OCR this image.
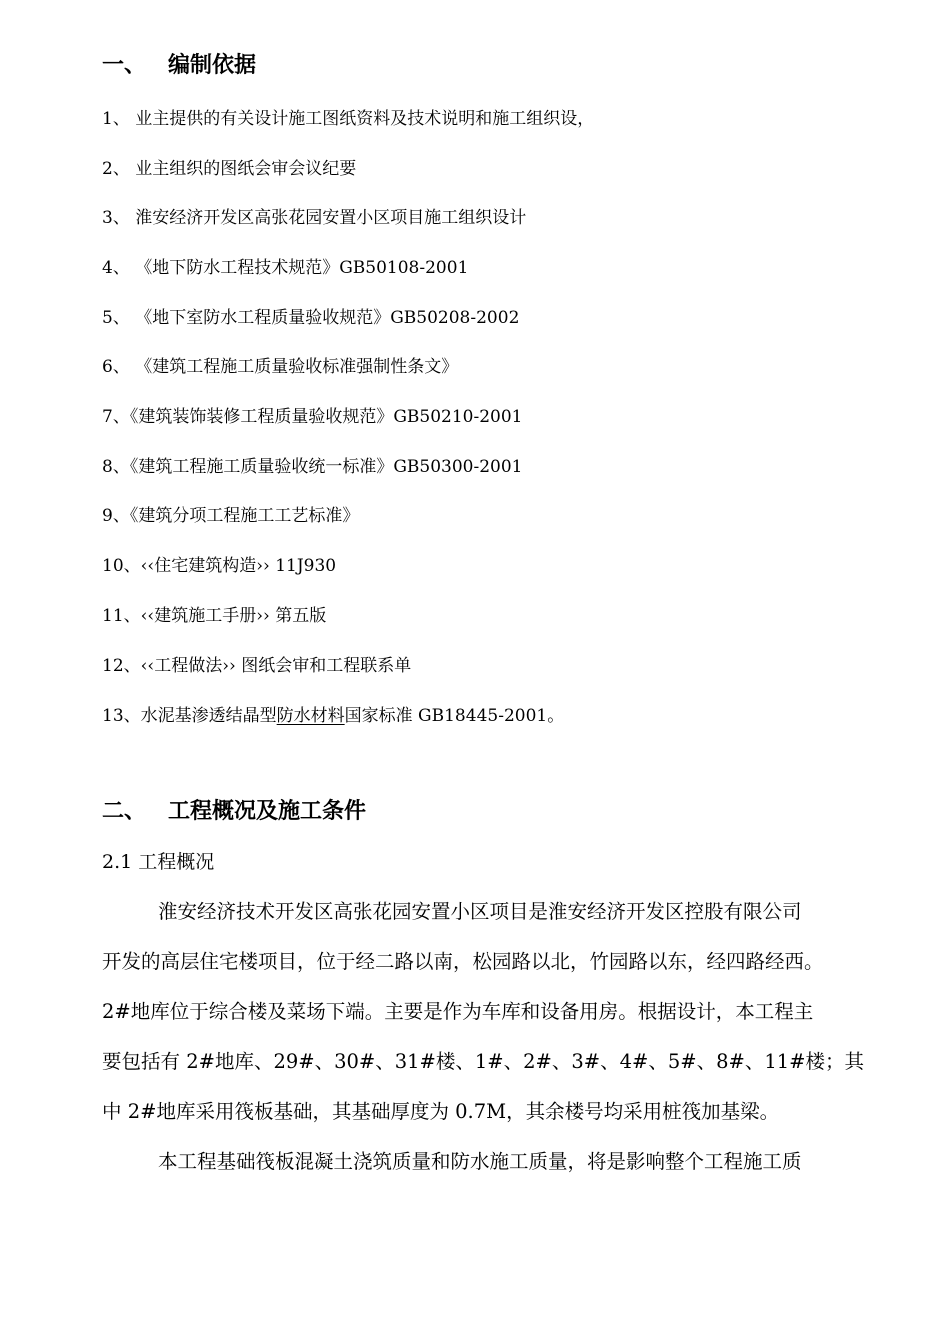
一、 编制依据
1、 业主提供的有关设计施工图纸资料及技术说明和施工组织设，
2、 业主组织的图纸会审会议纪要
3、 淮安经济开发区高张花园安置小区项目施工组织设计
4、 《地下防水工程技术规范》GB50108-2001
5、 《地下室防水工程质量验收规范》GB50208-2002
6、 《建筑工程施工质量验收标准强制性条文》
7、《建筑装饰装修工程质量验收规范》GB50210-2001
8、《建筑工程施工质量验收统一标准》GB50300-2001
9、《建筑分项工程施工工艺标准》
10、‹‹住宅建筑构造›› 11J930
11、‹‹建筑施工手册›› 第五版
12、‹‹工程做法›› 图纸会审和工程联系单
13、水泥基渗透结晶型防水材料国家标准 GB18445-2001。
二、 工程概况及施工条件
2.1 工程概况
淮安经济技术开发区高张花园安置小区项目是淮安经济开发区控股有限公司
开发的高层住宅楼项目，位于经二路以南，松园路以北，竹园路以东，经四路经西。
2#地库位于综合楼及菜场下端。主要是作为车库和设备用房。根据设计，本工程主
要包括有 2#地库、29#、30#、31#楼、1#、2#、3#、4#、5#、8#、11#楼；其
中 2#地库采用筏板基础，其基础厚度为 0.7M，其余楼号均采用桩筏加基梁。
本工程基础筏板混凝土浇筑质量和防水施工质量，将是影响整个工程施工质
